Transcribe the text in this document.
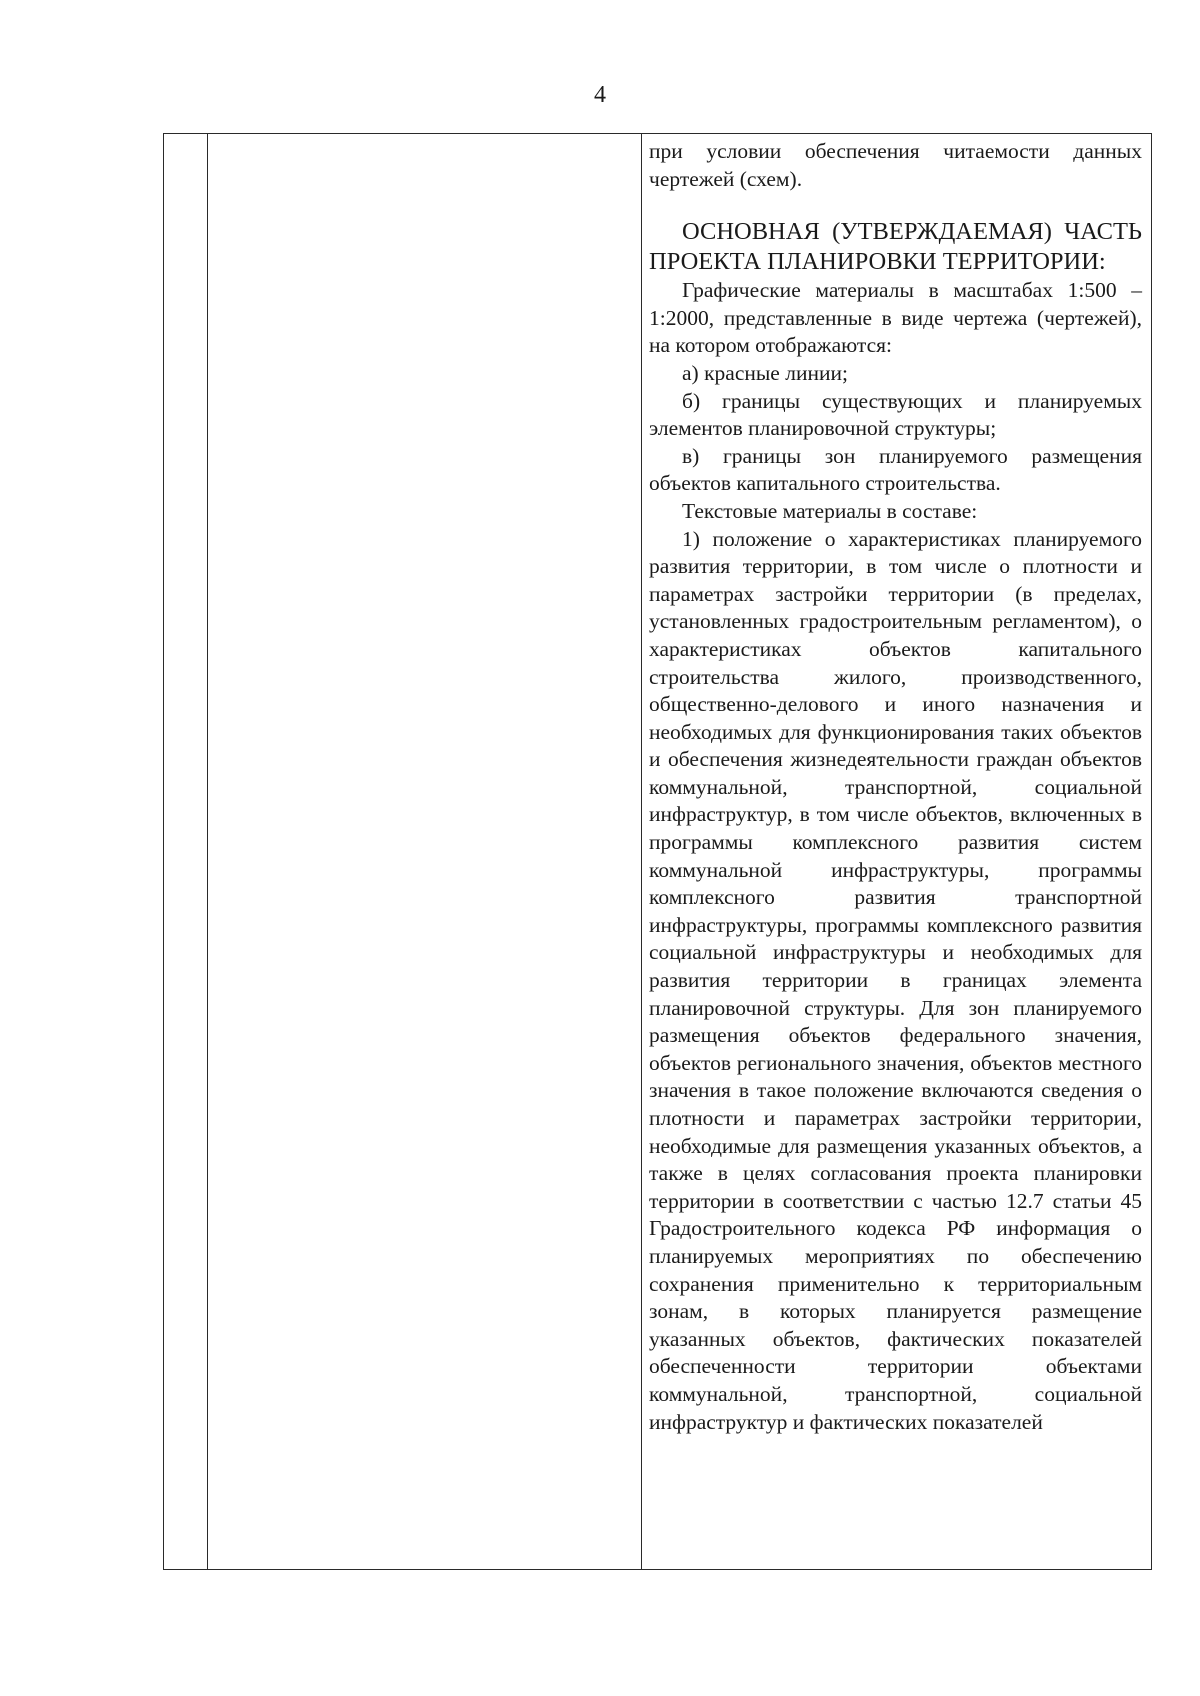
4

при условии обеспечения читаемости данных чертежей (схем).

ОСНОВНАЯ (УТВЕРЖДАЕМАЯ) ЧАСТЬ ПРОЕКТА ПЛАНИРОВКИ ТЕРРИТОРИИ:

Графические материалы в масштабах 1:500 – 1:2000, представленные в виде чертежа (чертежей), на котором отображаются:

а) красные линии;

б) границы существующих и планируемых элементов планировочной структуры;

в) границы зон планируемого размещения объектов капитального строительства.

Текстовые материалы в составе:

1) положение о характеристиках планируемого развития территории, в том числе о плотности и параметрах застройки территории (в пределах, установленных градостроительным регламентом), о характеристиках объектов капитального строительства жилого, производственного, общественно-делового и иного назначения и необходимых для функционирования таких объектов и обеспечения жизнедеятельности граждан объектов коммунальной, транспортной, социальной инфраструктур, в том числе объектов, включенных в программы комплексного развития систем коммунальной инфраструктуры, программы комплексного развития транспортной инфраструктуры, программы комплексного развития социальной инфраструктуры и необходимых для развития территории в границах элемента планировочной структуры. Для зон планируемого размещения объектов федерального значения, объектов регионального значения, объектов местного значения в такое положение включаются сведения о плотности и параметрах застройки территории, необходимые для размещения указанных объектов, а также в целях согласования проекта планировки территории в соответствии с частью 12.7 статьи 45 Градостроительного кодекса РФ информация о планируемых мероприятиях по обеспечению сохранения применительно к территориальным зонам, в которых планируется размещение указанных объектов, фактических показателей обеспеченности территории объектами коммунальной, транспортной, социальной инфраструктур и фактических показателей
